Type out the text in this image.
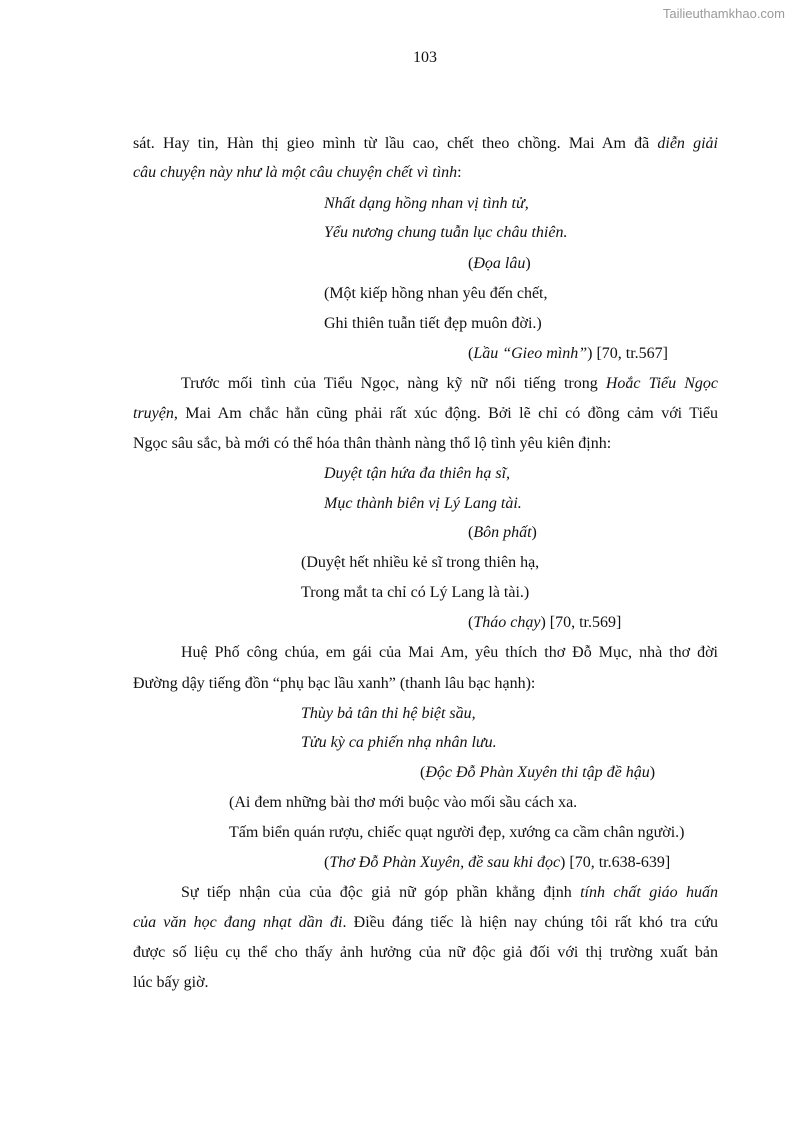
Tailieuthamkhao.com
103
sát. Hay tin, Hàn thị gieo mình từ lầu cao, chết theo chồng. Mai Am đã diễn giải
câu chuyện này như là một câu chuyện chết vì tình:
Nhất dạng hồng nhan vị tình tử,
Yểu nương chung tuẫn lục châu thiên.
(Đọa lâu)
(Một kiếp hồng nhan yêu đến chết,
Ghi thiên tuẫn tiết đẹp muôn đời.)
(Lầu “Gieo mình”) [70, tr.567]
Trước mối tình của Tiểu Ngọc, nàng kỹ nữ nổi tiếng trong Hoắc Tiểu Ngọc
truyện, Mai Am chắc hẳn cũng phải rất xúc động. Bởi lẽ chỉ có đồng cảm với Tiểu
Ngọc sâu sắc, bà mới có thể hóa thân thành nàng thổ lộ tình yêu kiên định:
Duyệt tận hứa đa thiên hạ sĩ,
Mục thành biên vị Lý Lang tài.
(Bôn phất)
(Duyệt hết nhiều kẻ sĩ trong thiên hạ,
Trong mắt ta chỉ có Lý Lang là tài.)
(Tháo chạy) [70, tr.569]
Huệ Phố công chúa, em gái của Mai Am, yêu thích thơ Đỗ Mục, nhà thơ đời
Đường dậy tiếng đồn “phụ bạc lầu xanh” (thanh lâu bạc hạnh):
Thùy bả tân thi hệ biệt sầu,
Tửu kỳ ca phiến nhạ nhân lưu.
(Độc Đỗ Phàn Xuyên thi tập đề hậu)
(Ai đem những bài thơ mới buộc vào mối sầu cách xa.
Tấm biển quán rượu, chiếc quạt người đẹp, xướng ca cầm chân người.)
(Thơ Đỗ Phàn Xuyên, đề sau khi đọc) [70, tr.638-639]
Sự tiếp nhận của của độc giả nữ góp phần khẳng định tính chất giáo huấn
của văn học đang nhạt dần đi. Điều đáng tiếc là hiện nay chúng tôi rất khó tra cứu
được số liệu cụ thể cho thấy ảnh hưởng của nữ độc giả đối với thị trường xuất bản
lúc bấy giờ.
